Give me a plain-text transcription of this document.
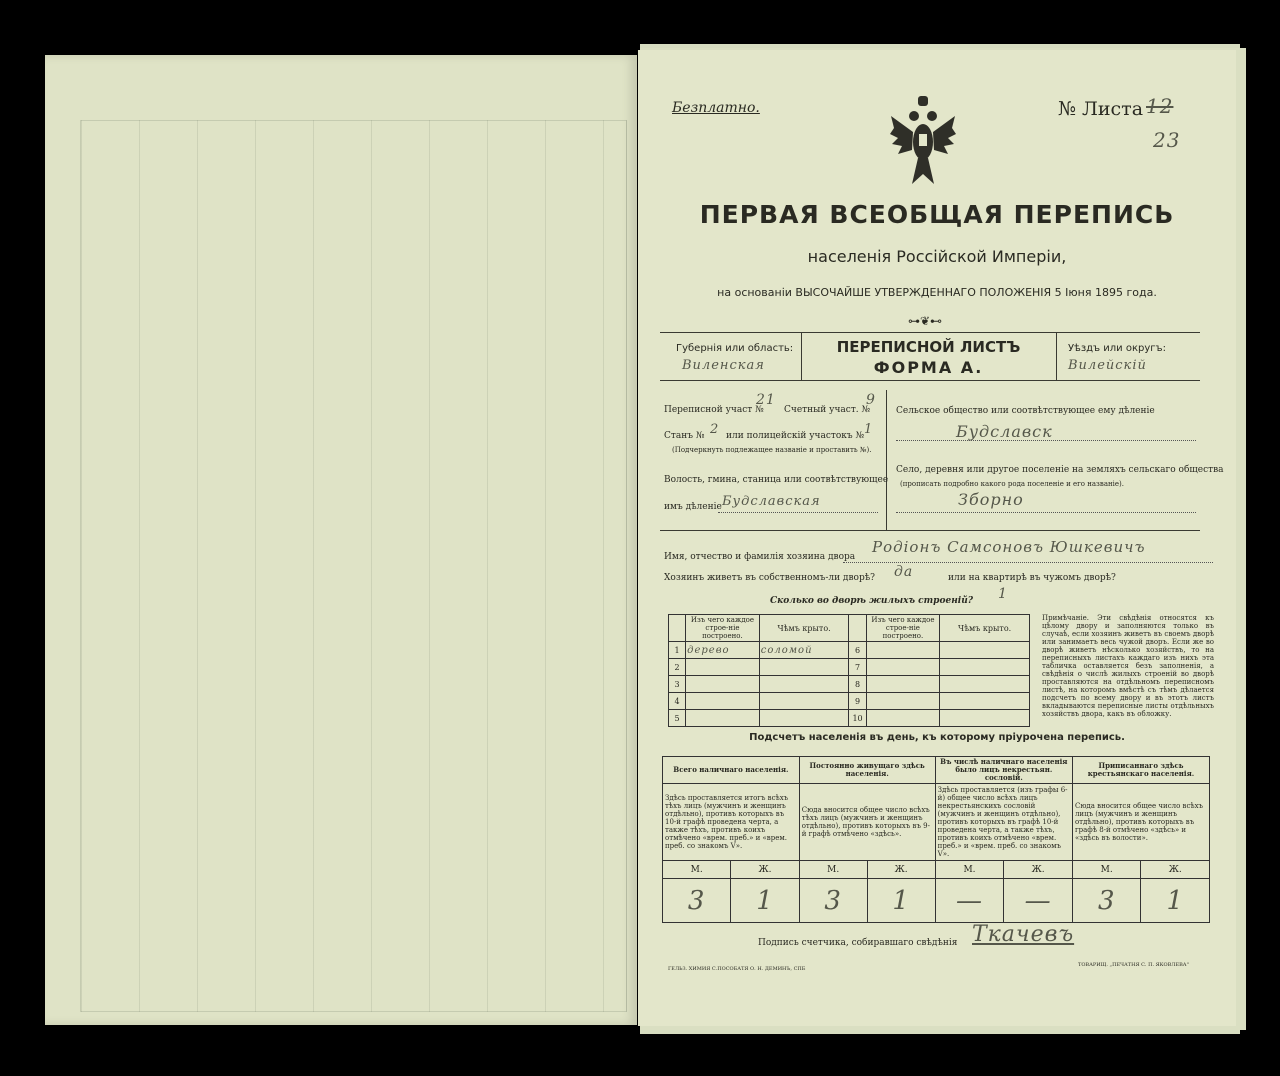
Безплатно.	№ Листа 12
23
ПЕРВАЯ ВСЕОБЩАЯ ПЕРЕПИСЬ
населенія Россійской Имперіи,
на основаніи ВЫСОЧАЙШЕ УТВЕРЖДЕННАГО ПОЛОЖЕНІЯ 5 Іюня 1895 года.
⊶❦⊷
Губернія или область:
Виленская
ПЕРЕПИСНОЙ ЛИСТЪ
ФОРМА А.
Уѣздъ или округъ:
Вилейскій
Переписной участ №
21
Счетный участ. №
9
Станъ № 2 или полицейскій участокъ № 1
(Подчеркнуть подлежащее названіе и проставить №).
Волость, гмина, станица или соотвѣтствующее
имъ дѣленіе Будславская
Сельское общество или соотвѣтствующее ему дѣленіе
Будславск
Село, деревня или другое поселеніе на земляхъ сельскаго общества
(прописать подробно какого рода поселеніе и его названіе).
Зборно
Имя, отчество и фамилія хозяина двора
Родіонъ Самсоновъ Юшкевичъ
Хозяинъ живетъ въ собственномъ-ли дворѣ? да	или на квартирѣ въ чужомъ дворѣ?
Сколько во дворѣ жилыхъ строеній? 1
	Изъ чего каждое строе-ніе построено.	Чѣмъ крыто.		Изъ чего каждое строе-ніе построено.	Чѣмъ крыто.
1	дерево	соломой	6		
2			7		
3			8		
4			9		
5			10		
Примѣчаніе. Эти свѣдѣнія относятся къ цѣлому двору и заполняются только въ случаѣ, если хозяинъ живетъ въ своемъ дворѣ или занимаетъ весь чужой дворъ. Если же во дворѣ живетъ нѣсколько хозяйствъ, то на переписныхъ листахъ каждаго изъ нихъ эта табличка оставляется безъ заполненія, а свѣдѣнія о числѣ жилыхъ строеній во дворѣ проставляются на отдѣльномъ переписномъ листѣ, на которомъ вмѣстѣ съ тѣмъ дѣлается подсчетъ по всему двору и въ этотъ листъ вкладываются переписные листы отдѣльныхъ хозяйствъ двора, какъ въ обложку.
Подсчетъ населенія въ день, къ которому пріурочена перепись.
Всего наличнаго населенія.		Постоянно живущаго здѣсь населенія.		Въ числѣ наличнаго населенія было лицъ некрестьян. сословій.		Приписаннаго здѣсь крестьянскаго населенія.	
Здѣсь проставляется итогъ всѣхъ тѣхъ лицъ (мужчинъ и женщинъ отдѣльно), противъ которыхъ въ 10-й графѣ проведена черта, а также тѣхъ, противъ коихъ отмѣчено «врем. преб.» и «врем. преб. со знакомъ V».		Сюда вносится общее число всѣхъ тѣхъ лицъ (мужчинъ и женщинъ отдѣльно), противъ которыхъ въ 9-й графѣ отмѣчено «здѣсь».		Здѣсь проставляется (изъ графы 6-й) общее число всѣхъ лицъ некрестьянскихъ сословій (мужчинъ и женщинъ отдѣльно), противъ которыхъ въ графѣ 10-й проведена черта, а также тѣхъ, противъ коихъ отмѣчено «врем. преб.» и «врем. преб. со знакомъ V».		Сюда вносится общее число всѣхъ лицъ (мужчинъ и женщинъ отдѣльно), противъ которыхъ въ графѣ 8-й отмѣчено «здѣсь» и «здѣсь въ волости».	
М.	Ж.	М.	Ж.	М.	Ж.	М.	Ж.
3	1	3	1	—	—	3	1
Подпись счетчика, собиравшаго свѣдѣнія Ткачевъ
ГЕЛЬЗ. ХИМИЯ С.ПОСОБАТЯ О. Н. ДЕМИНЪ, СПБ
ТОВАРИЩ. „ПЕЧАТНЯ С. П. ЯКОВЛЕВА"
